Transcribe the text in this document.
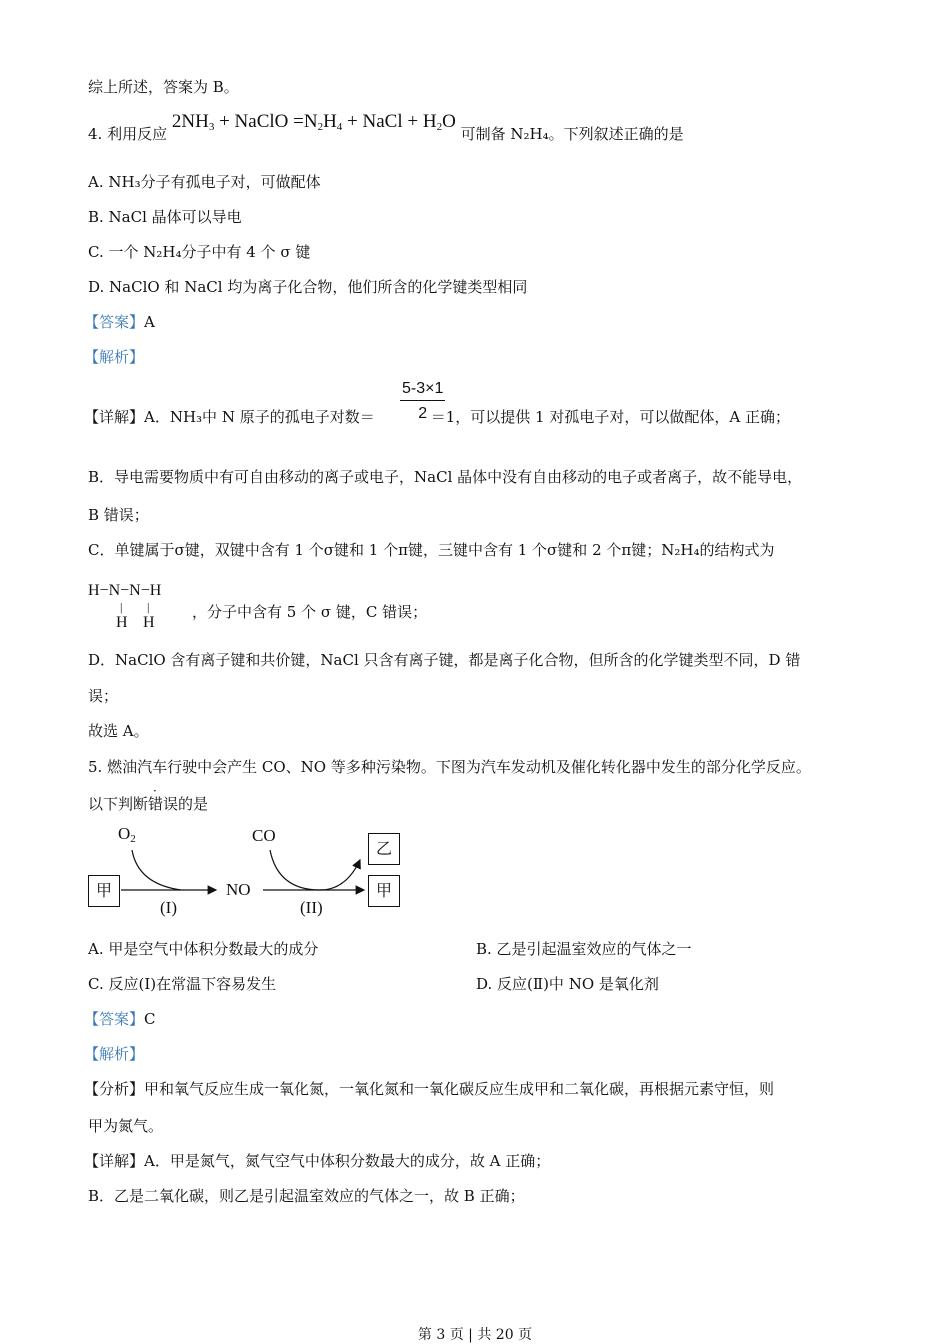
综上所述，答案为 B。
4. 利用反应 $2NH_3$ + NaClO $=N_2H_4$ + NaCl + $H_2O$ 可制备 N₂H₄。下列叙述正确的是
A. NH₃分子有孤电子对，可做配体
B. NaCl 晶体可以导电
C. 一个 N₂H₄分子中有 4 个 σ 键
D. NaClO 和 NaCl 均为离子化合物，他们所含的化学键类型相同
【答案】A
【解析】
【详解】A．NH₃中 N 原子的孤电子对数＝	＝1，可以提供 1 对孤电子对，可以做配体，A 正确；
$\frac{5-3\times 1}{2}$
B．导电需要物质中有可自由移动的离子或电子，NaCl 晶体中没有自由移动的电子或者离子，故不能导电，
B 错误；
C．单键属于σ键，双键中含有 1 个σ键和 1 个π键，三键中含有 1 个σ键和 2 个π键；N₂H₄的结构式为
H−N−N−H
| |
H H
，分子中含有 5 个 σ 键，C 错误；
D．NaClO 含有离子键和共价键，NaCl 只含有离子键，都是离子化合物，但所含的化学键类型不同，D 错
误；
故选 A。
5. 燃油汽车行驶中会产生 CO、NO 等多种污染物。下图为汽车发动机及催化转化器中发生的部分化学反应。
以下判断错误的是
甲
$O_2$
NO
CO
(I)	(II)
乙
甲
A. 甲是空气中体积分数最大的成分	B. 乙是引起温室效应的气体之一
C. 反应(Ⅰ)在常温下容易发生	D. 反应(Ⅱ)中 NO 是氧化剂
【答案】C
【解析】
【分析】甲和氧气反应生成一氧化氮，一氧化氮和一氧化碳反应生成甲和二氧化碳，再根据元素守恒，则
甲为氮气。
【详解】A．甲是氮气，氮气空气中体积分数最大的成分，故 A 正确；
B．乙是二氧化碳，则乙是引起温室效应的气体之一，故 B 正确；
第 3 页 | 共 20 页
